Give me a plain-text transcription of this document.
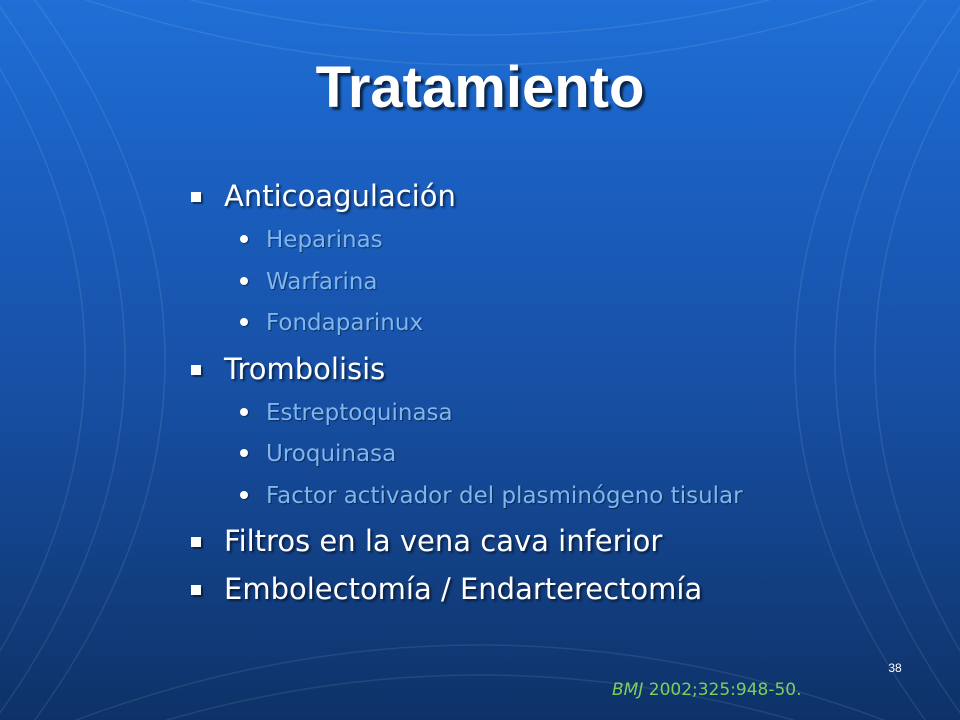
Tratamiento
Anticoagulación
Heparinas
Warfarina
Fondaparinux
Trombolisis
Estreptoquinasa
Uroquinasa
Factor activador del plasminógeno tisular
Filtros en la vena cava inferior
Embolectomía / Endarterectomía
38
BMJ 2002;325:948-50.
